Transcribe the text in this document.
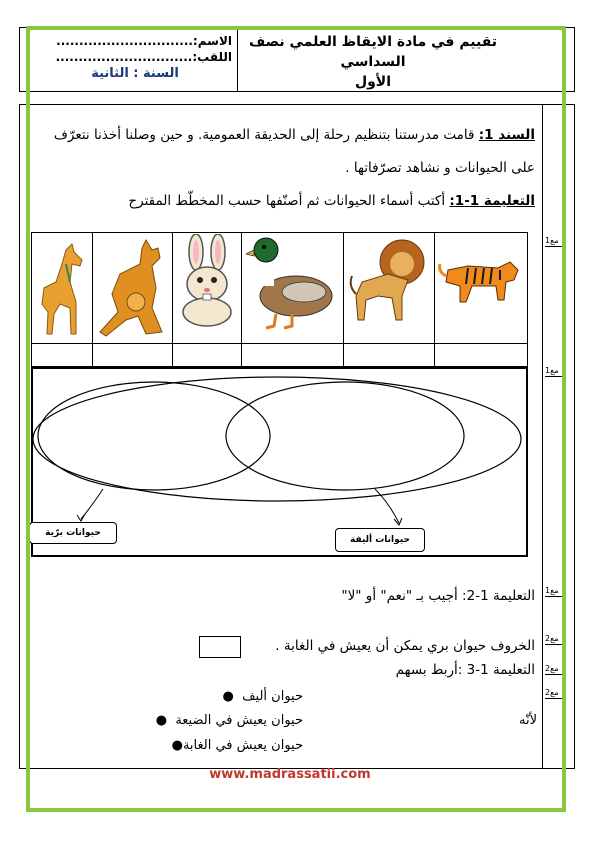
تقييم في مادة الايقاظ العلمي نصف السداسي
الأول
الاسم:..............................
اللقب:..............................
السنة : الثانية
السند 1: قامت مدرستنا بتنظيم رحلة إلى الحديقة العمومية. و حين وصلنا أخذنا نتعرّف
على الحيوانات و نشاهد تصرّفاتها .
التعليمة 1-1: أكتب أسماء الحيوانات ثم أصنّفها حسب المخطّط المقترح
مع1
مع1
مع1
مع2
مع2
مع2
حيوانات برّية
حيوانات أليفة
التعليمة 1-2: أجيب بـ "نعم" أو "لا"
الخروف حيوان بري يمكن أن يعيش في الغابة .
التعليمة 1-3 :أربط بسهم
لأنّه
حيوان أليف  ●
حيوان يعيش في الضيعة  ●
حيوان يعيش في الغابة●
www.madrassatii.com
